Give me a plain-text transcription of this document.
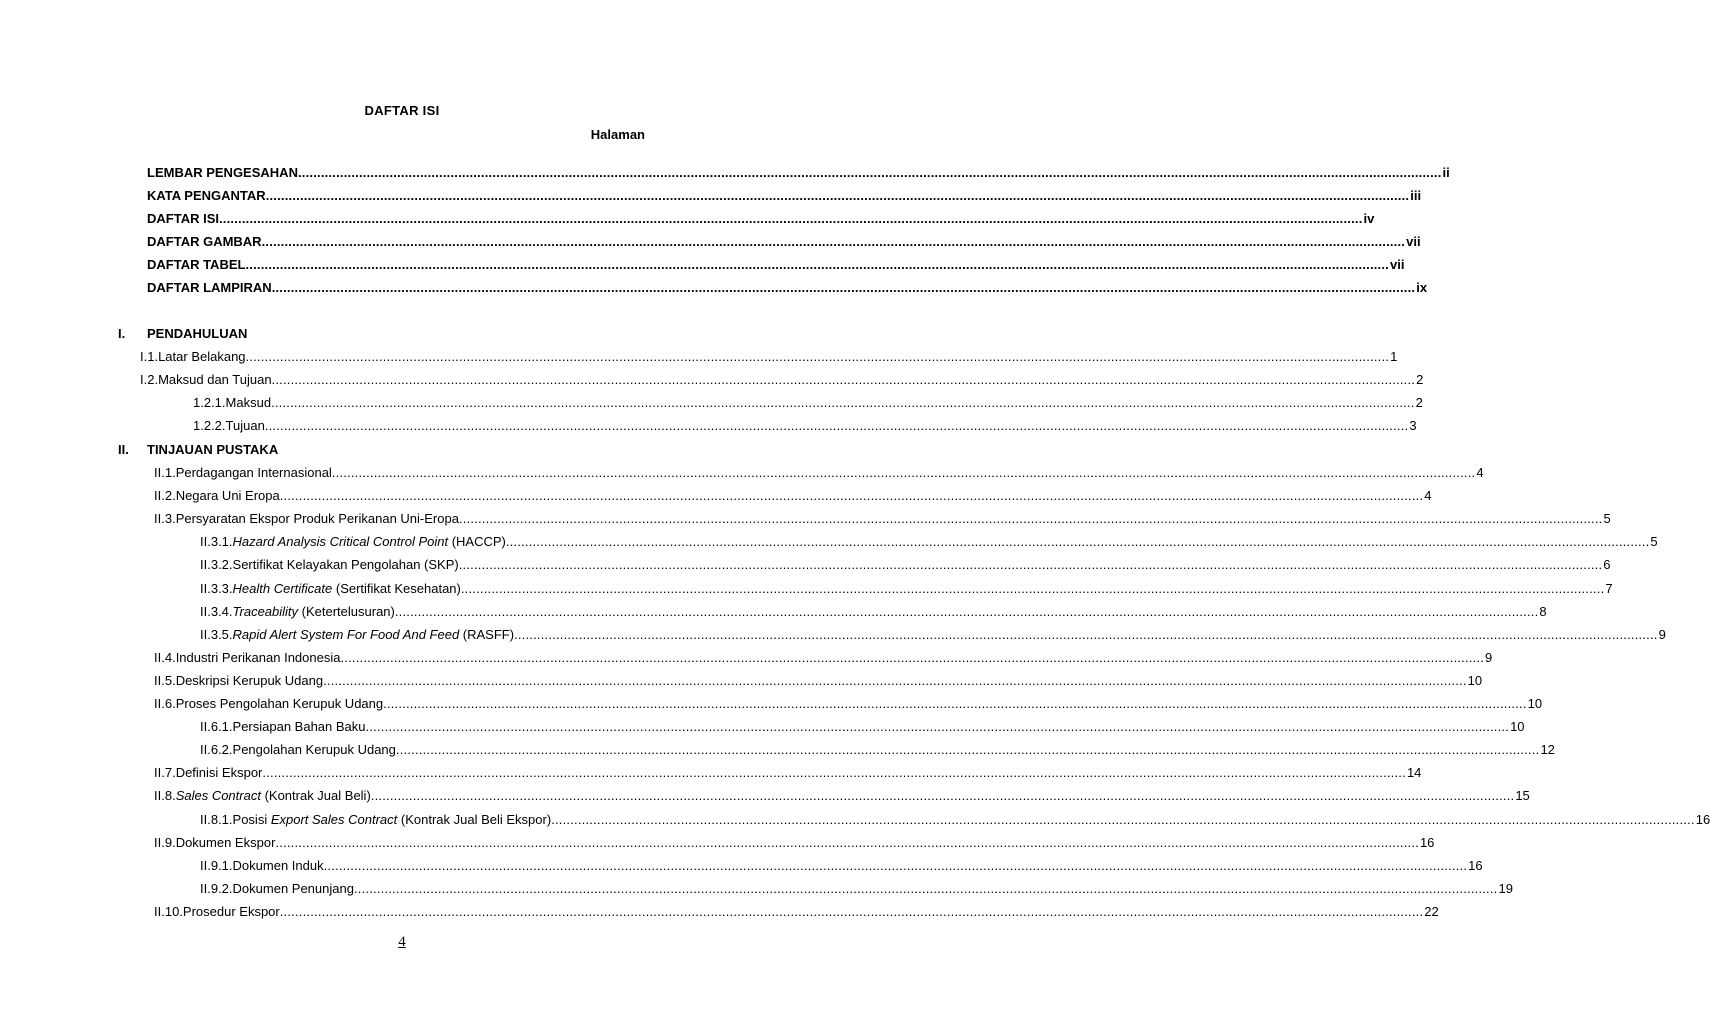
DAFTAR ISI
Halaman
LEMBAR PENGESAHAN ............................................................................................................................................................................................................................................................................................................ ii
KATA PENGANTAR ............................................................................................................................................................................................................................................................................................................ iii
DAFTAR ISI ............................................................................................................................................................................................................................................................................................................ iv
DAFTAR GAMBAR ............................................................................................................................................................................................................................................................................................................ vii
DAFTAR TABEL ............................................................................................................................................................................................................................................................................................................ vii
DAFTAR LAMPIRAN ............................................................................................................................................................................................................................................................................................................ ix
I. PENDAHULUAN
I.1.Latar Belakang ............................................................................................................................................................................................................................................................................................................ 1
I.2.Maksud dan Tujuan ............................................................................................................................................................................................................................................................................................................ 2
1.2.1.Maksud ............................................................................................................................................................................................................................................................................................................ 2
1.2.2.Tujuan ............................................................................................................................................................................................................................................................................................................ 3
II. TINJAUAN PUSTAKA
II.1.Perdagangan Internasional ............................................................................................................................................................................................................................................................................................................ 4
II.2.Negara Uni Eropa ............................................................................................................................................................................................................................................................................................................ 4
II.3.Persyaratan Ekspor Produk Perikanan Uni-Eropa ............................................................................................................................................................................................................................................................................................................ 5
II.3.1.Hazard Analysis Critical Control Point (HACCP) ............................................................................................................................................................................................................................................................................................................ 5
II.3.2.Sertifikat Kelayakan Pengolahan (SKP) ............................................................................................................................................................................................................................................................................................................ 6
II.3.3.Health Certificate (Sertifikat Kesehatan) ............................................................................................................................................................................................................................................................................................................ 7
II.3.4.Traceability (Ketertelusuran) ............................................................................................................................................................................................................................................................................................................ 8
II.3.5.Rapid Alert System For Food And Feed (RASFF) ............................................................................................................................................................................................................................................................................................................ 9
II.4.Industri Perikanan Indonesia ............................................................................................................................................................................................................................................................................................................ 9
II.5.Deskripsi Kerupuk Udang ............................................................................................................................................................................................................................................................................................................ 10
II.6.Proses Pengolahan Kerupuk Udang ............................................................................................................................................................................................................................................................................................................ 10
II.6.1.Persiapan Bahan Baku ............................................................................................................................................................................................................................................................................................................ 10
II.6.2.Pengolahan Kerupuk Udang ............................................................................................................................................................................................................................................................................................................ 12
II.7.Definisi Ekspor ............................................................................................................................................................................................................................................................................................................ 14
II.8.Sales Contract (Kontrak Jual Beli) ............................................................................................................................................................................................................................................................................................................ 15
II.8.1.Posisi Export Sales Contract (Kontrak Jual Beli Ekspor) ............................................................................................................................................................................................................................................................................................................ 16
II.9.Dokumen Ekspor ............................................................................................................................................................................................................................................................................................................ 16
II.9.1.Dokumen Induk ............................................................................................................................................................................................................................................................................................................ 16
II.9.2.Dokumen Penunjang ............................................................................................................................................................................................................................................................................................................ 19
II.10.Prosedur Ekspor ............................................................................................................................................................................................................................................................................................................ 22
4
